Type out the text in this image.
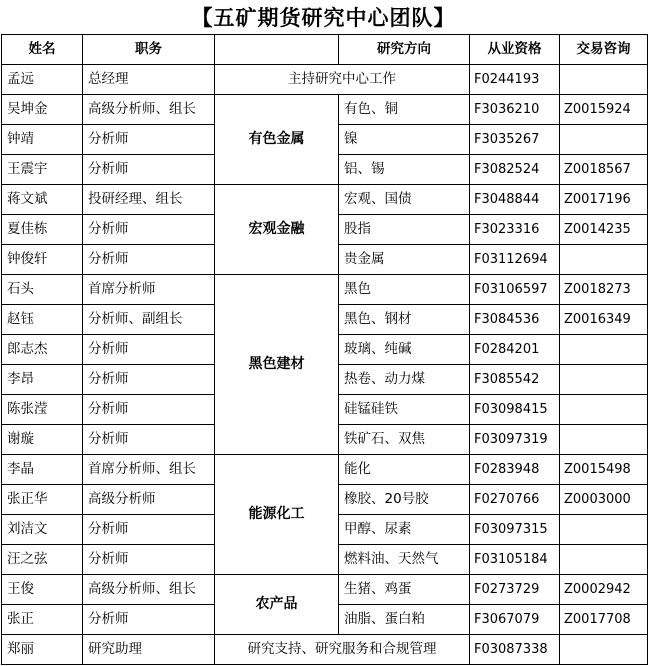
【五矿期货研究中心团队】
姓名	职务		研究方向	从业资格	交易咨询
孟远	总经理	主持研究中心工作		F0244193	
吴坤金	高级分析师、组长	有色金属	有色、铜	F3036210	Z0015924
钟靖	分析师		镍	F3035267	
王震宇	分析师		铝、锡	F3082524	Z0018567
蒋文斌	投研经理、组长	宏观金融	宏观、国债	F3048844	Z0017196
夏佳栋	分析师		股指	F3023316	Z0014235
钟俊轩	分析师		贵金属	F03112694	
石头	首席分析师	黑色建材	黑色	F03106597	Z0018273
赵钰	分析师、副组长		黑色、钢材	F3084536	Z0016349
郎志杰	分析师		玻璃、纯碱	F0284201	
李昂	分析师		热卷、动力煤	F3085542	
陈张滢	分析师		硅锰硅铁	F03098415	
谢璇	分析师		铁矿石、双焦	F03097319	
李晶	首席分析师、组长	能源化工	能化	F0283948	Z0015498
张正华	高级分析师		橡胶、20号胶	F0270766	Z0003000
刘洁文	分析师		甲醇、尿素	F03097315	
汪之弦	分析师		燃料油、天然气	F03105184	
王俊	高级分析师、组长	农产品	生猪、鸡蛋	F0273729	Z0002942
张正	分析师		油脂、蛋白粕	F3067079	Z0017708
郑丽	研究助理	研究支持、研究服务和合规管理		F03087338	
